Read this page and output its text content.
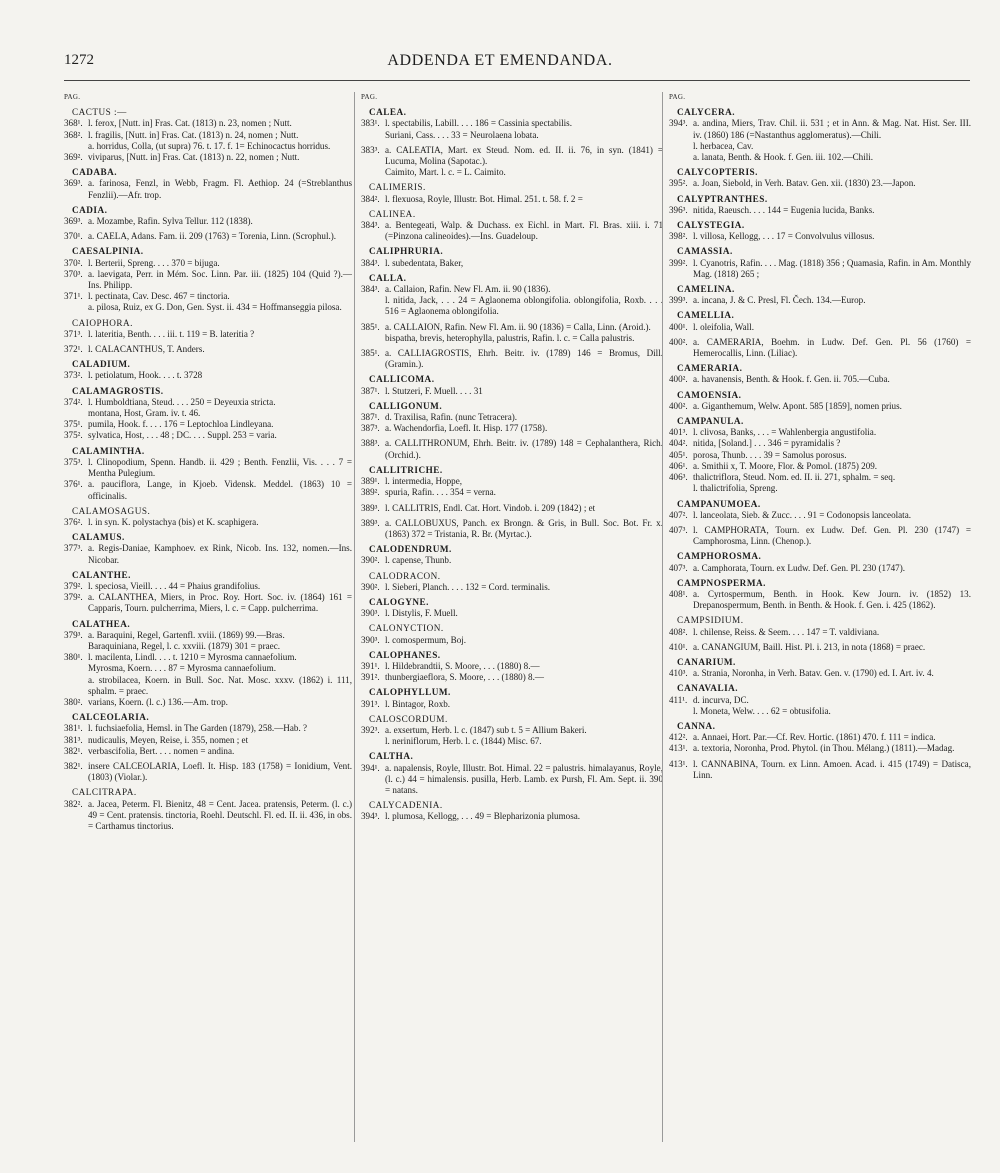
1272	ADDENDA ET EMENDANDA.
PAG.
CACTUS :—
368¹. l. ferox, [Nutt. in] Fras. Cat. (1813) n. 23, nomen ; Nutt.
368². l. fragilis, [Nutt. in] Fras. Cat. (1813) n. 24, nomen ; Nutt.
a. horridus, Colla, (ut supra) 76. t. 17. f. 1= Echinocactus horridus.
369². viviparus, [Nutt. in] Fras. Cat. (1813) n. 22, nomen ; Nutt.
CADABA.
369³. a. farinosa, Fenzl, in Webb, Fragm. Fl. Aethiop. 24 (=Streblanthus Fenzlii).—Afr. trop.
CADIA.
369³. a. Mozambe, Rafin. Sylva Tellur. 112 (1838).
370¹. a. CAELA, Adans. Fam. ii. 209 (1763) = Torenia, Linn. (Scrophul.).
CAESALPINIA.
370². l. Berterii, Spreng. . . . 370 = bijuga.
370³. a. laevigata, Perr. in Mém. Soc. Linn. Par. iii. (1825) 104 (Quid ?).—Ins. Philipp.
371¹. l. pectinata, Cav. Desc. 467 = tinctoria.
a. pilosa, Ruiz, ex G. Don, Gen. Syst. ii. 434 = Hoffmanseggia pilosa.
CAIOPHORA.
371³. l. lateritia, Benth. . . . iii. t. 119 = B. lateritia ?
372¹. l. CALACANTHUS, T. Anders.
CALADIUM.
373². l. petiolatum, Hook. . . . t. 3728
CALAMAGROSTIS.
374². l. Humboldtiana, Steud. . . . 250 = Deyeuxia stricta.
montana, Host, Gram. iv. t. 46.
375¹. pumila, Hook. f. . . . 176 = Leptochloa Lindleyana.
375². sylvatica, Host, . . . 48 ; DC. . . . Suppl. 253 = varia.
CALAMINTHA.
375³. l. Clinopodium, Spenn. Handb. ii. 429 ; Benth. Fenzlii, Vis. . . . 7 = Mentha Pulegium.
376¹. a. pauciflora, Lange, in Kjoeb. Vidensk. Meddel. (1863) 10 = officinalis.
CALAMOSAGUS.
376². l. in syn. K. polystachya (bis) et K. scaphigera.
CALAMUS.
377³. a. Regis-Daniae, Kamphoev. ex Rink, Nicob. Ins. 132, nomen.—Ins. Nicobar.
CALANTHE.
379². l. speciosa, Vieill. . . . 44 = Phaius grandifolius.
379². a. CALANTHEA, Miers, in Proc. Roy. Hort. Soc. iv. (1864) 161 = Capparis, Tourn. pulcherrima, Miers, l. c. = Capp. pulcherrima.
CALATHEA.
379³. a. Baraquini, Regel, Gartenfl. xviii. (1869) 99.—Bras.
Baraquiniana, Regel, l. c. xxviii. (1879) 301 = praec.
380¹. l. macilenta, Lindl. . . . t. 1210 = Myrosma cannaefolium.
Myrosma, Koern. . . . 87 = Myrosma cannaefolium.
a. strobilacea, Koern. in Bull. Soc. Nat. Mosc. xxxv. (1862) i. 111, sphalm. = praec.
380². varians, Koern. (l. c.) 136.—Am. trop.
CALCEOLARIA.
381¹. l. fuchsiaefolia, Hemsl. in The Garden (1879), 258.—Hab. ?
381³. nudicaulis, Meyen, Reise, i. 355, nomen ; et
382¹. verbascifolia, Bert. . . . nomen = andina.
382¹. insere CALCEOLARIA, Loefl. It. Hisp. 183 (1758) = Ionidium, Vent. (1803) (Violar.).
CALCITRAPA.
382². a. Jacea, Peterm. Fl. Bienitz, 48 = Cent. Jacea. pratensis, Peterm. (l. c.) 49 = Cent. pratensis. tinctoria, Roehl. Deutschl. Fl. ed. II. ii. 436, in obs. = Carthamus tinctorius.
PAG.
CALEA.
383¹. l. spectabilis, Labill. . . . 186 = Cassinia spectabilis.
Suriani, Cass. . . . 33 = Neurolaena lobata.
383³. a. CALEATIA, Mart. ex Steud. Nom. ed. II. ii. 76, in syn. (1841) = Lucuma, Molina (Sapotac.).
Caimito, Mart. l. c. = L. Caimito.
CALIMERIS.
384². l. flexuosa, Royle, Illustr. Bot. Himal. 251. t. 58. f. 2 =
CALINEA.
384³. a. Bentegeati, Walp. & Duchass. ex Eichl. in Mart. Fl. Bras. xiii. i. 71 (=Pinzona calineoides).—Ins. Guadeloup.
CALIPHRURIA.
384³. l. subedentata, Baker,
CALLA.
384³. a. Callaion, Rafin. New Fl. Am. ii. 90 (1836).
l. nitida, Jack, . . . 24 = Aglaonema oblongifolia. oblongifolia, Roxb. . . . 516 = Aglaonema oblongifolia.
385¹. a. CALLAION, Rafin. New Fl. Am. ii. 90 (1836) = Calla, Linn. (Aroid.).
bispatha, brevis, heterophylla, palustris, Rafin. l. c. = Calla palustris.
385¹. a. CALLIAGROSTIS, Ehrh. Beitr. iv. (1789) 146 = Bromus, Dill. (Gramin.).
CALLICOMA.
387¹. l. Stutzeri, F. Muell. . . . 31
CALLIGONUM.
387¹. d. Traxilisa, Rafin. (nunc Tetracera).
387³. a. Wachendorfia, Loefl. It. Hisp. 177 (1758).
388³. a. CALLITHRONUM, Ehrh. Beitr. iv. (1789) 148 = Cephalanthera, Rich. (Orchid.).
CALLITRICHE.
389¹. l. intermedia, Hoppe,
389². spuria, Rafin. . . . 354 = verna.
389³. l. CALLITRIS, Endl. Cat. Hort. Vindob. i. 209 (1842) ; et
389³. a. CALLOBUXUS, Panch. ex Brongn. & Gris, in Bull. Soc. Bot. Fr. x. (1863) 372 = Tristania, R. Br. (Myrtac.).
CALODENDRUM.
390². l. capense, Thunb.
CALODRACON.
390². l. Sieberi, Planch. . . . 132 = Cord. terminalis.
CALOGYNE.
390³. l. Distylis, F. Muell.
CALONYCTION.
390³. l. comospermum, Boj.
CALOPHANES.
391¹. l. Hildebrandtii, S. Moore, . . . (1880) 8.—
391². thunbergiaeflora, S. Moore, . . . (1880) 8.—
CALOPHYLLUM.
391³. l. Bintagor, Roxb.
CALOSCORDUM.
392³. a. exsertum, Herb. l. c. (1847) sub t. 5 = Allium Bakeri.
l. neriniflorum, Herb. l. c. (1844) Misc. 67.
CALTHA.
394¹. a. napalensis, Royle, Illustr. Bot. Himal. 22 = palustris. himalayanus, Royle, (l. c.) 44 = himalensis. pusilla, Herb. Lamb. ex Pursh, Fl. Am. Sept. ii. 390 = natans.
CALYCADENIA.
394³. l. plumosa, Kellogg, . . . 49 = Blepharizonia plumosa.
PAG.
CALYCERA.
394³. a. andina, Miers, Trav. Chil. ii. 531 ; et in Ann. & Mag. Nat. Hist. Ser. III. iv. (1860) 186 (=Nastanthus agglomeratus).—Chili.
l. herbacea, Cav.
a. lanata, Benth. & Hook. f. Gen. iii. 102.—Chili.
CALYCOPTERIS.
395². a. Joan, Siebold, in Verh. Batav. Gen. xii. (1830) 23.—Japon.
CALYPTRANTHES.
396³. nitida, Raeusch. . . . 144 = Eugenia lucida, Banks.
CALYSTEGIA.
398². l. villosa, Kellogg, . . . 17 = Convolvulus villosus.
CAMASSIA.
399². l. Cyanotris, Rafin. . . . Mag. (1818) 356 ; Quamasia, Rafin. in Am. Monthly Mag. (1818) 265 ;
CAMELINA.
399³. a. incana, J. & C. Presl, Fl. Čech. 134.—Europ.
CAMELLIA.
400¹. l. oleifolia, Wall.
400². a. CAMERARIA, Boehm. in Ludw. Def. Gen. Pl. 56 (1760) = Hemerocallis, Linn. (Liliac).
CAMERARIA.
400². a. havanensis, Benth. & Hook. f. Gen. ii. 705.—Cuba.
CAMOENSIA.
400². a. Giganthemum, Welw. Apont. 585 [1859], nomen prius.
CAMPANULA.
401³. l. clivosa, Banks, . . . = Wahlenbergia angustifolia.
404². nitida, [Soland.] . . . 346 = pyramidalis ?
405¹. porosa, Thunb. . . . 39 = Samolus porosus.
406¹. a. Smithii x, T. Moore, Flor. & Pomol. (1875) 209.
406³. thalictriflora, Steud. Nom. ed. II. ii. 271, sphalm. = seq.
l. thalictrifolia, Spreng.
CAMPANUMOEA.
407². l. lanceolata, Sieb. & Zucc. . . . 91 = Codonopsis lanceolata.
407³. l. CAMPHORATA, Tourn. ex Ludw. Def. Gen. Pl. 230 (1747) = Camphorosma, Linn. (Chenop.).
CAMPHOROSMA.
407³. a. Camphorata, Tourn. ex Ludw. Def. Gen. Pl. 230 (1747).
CAMPNOSPERMA.
408¹. a. Cyrtospermum, Benth. in Hook. Kew Journ. iv. (1852) 13. Drepanospermum, Benth. in Benth. & Hook. f. Gen. i. 425 (1862).
CAMPSIDIUM.
408². l. chilense, Reiss. & Seem. . . . 147 = T. valdiviana.
410¹. a. CANANGIUM, Baill. Hist. Pl. i. 213, in nota (1868) = praec.
CANARIUM.
410³. a. Strania, Noronha, in Verh. Batav. Gen. v. (1790) ed. I. Art. iv. 4.
CANAVALIA.
411¹. d. incurva, DC.
l. Moneta, Welw. . . . 62 = obtusifolia.
CANNA.
412². a. Annaei, Hort. Par.—Cf. Rev. Hortic. (1861) 470. f. 111 = indica.
413¹. a. textoria, Noronha, Prod. Phytol. (in Thou. Mélang.) (1811).—Madag.
413¹. l. CANNABINA, Tourn. ex Linn. Amoen. Acad. i. 415 (1749) = Datisca, Linn.
